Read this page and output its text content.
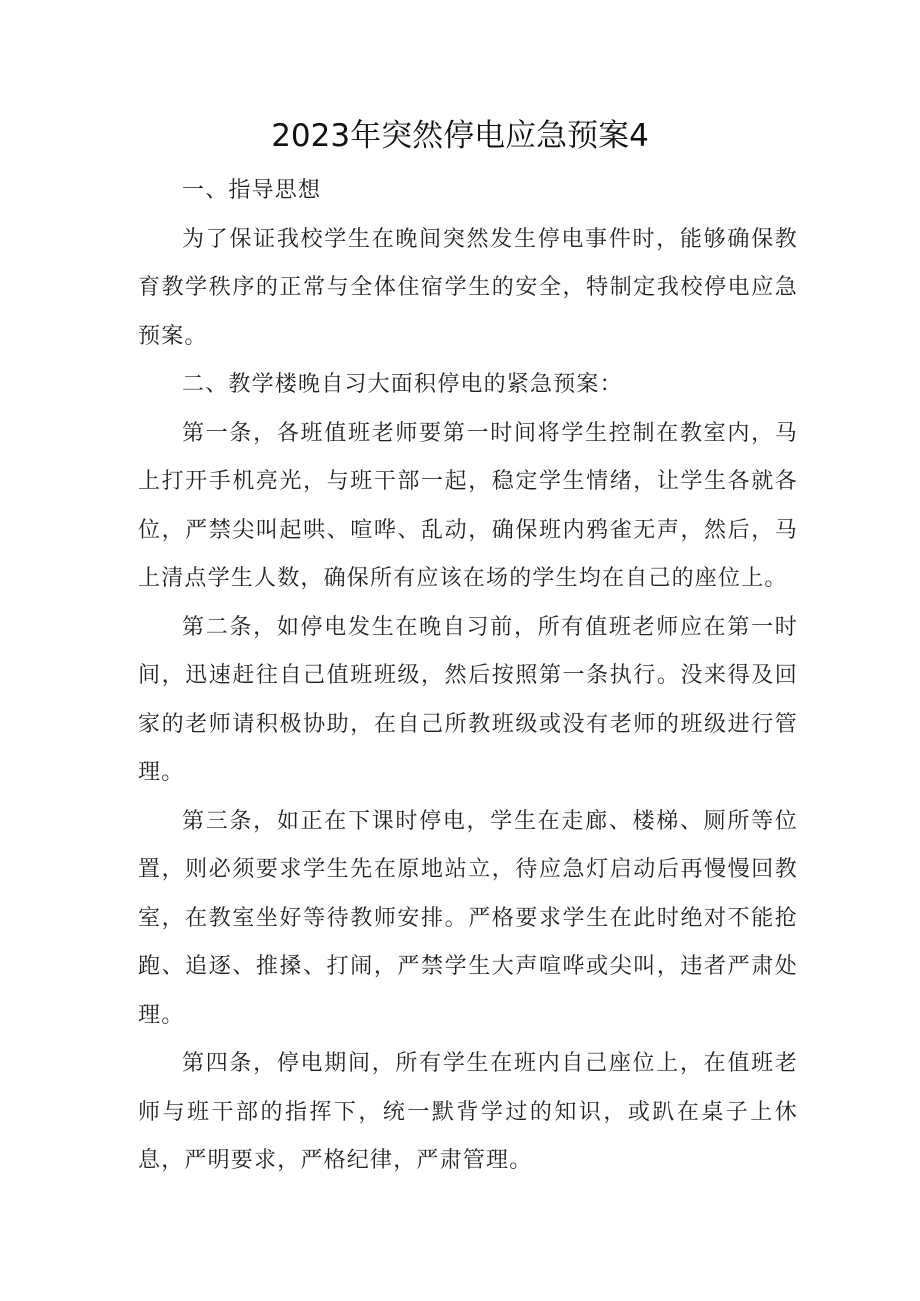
2023年突然停电应急预案4

一、指导思想

为了保证我校学生在晚间突然发生停电事件时，能够确保教育教学秩序的正常与全体住宿学生的安全，特制定我校停电应急预案。

二、教学楼晚自习大面积停电的紧急预案：

第一条，各班值班老师要第一时间将学生控制在教室内，马上打开手机亮光，与班干部一起，稳定学生情绪，让学生各就各位，严禁尖叫起哄、喧哗、乱动，确保班内鸦雀无声，然后，马上清点学生人数，确保所有应该在场的学生均在自己的座位上。

第二条，如停电发生在晚自习前，所有值班老师应在第一时间，迅速赶往自己值班班级，然后按照第一条执行。没来得及回家的老师请积极协助，在自己所教班级或没有老师的班级进行管理。

第三条，如正在下课时停电，学生在走廊、楼梯、厕所等位置，则必须要求学生先在原地站立，待应急灯启动后再慢慢回教室，在教室坐好等待教师安排。严格要求学生在此时绝对不能抢跑、追逐、推搡、打闹，严禁学生大声喧哗或尖叫，违者严肃处理。

第四条，停电期间，所有学生在班内自己座位上，在值班老师与班干部的指挥下，统一默背学过的知识，或趴在桌子上休息，严明要求，严格纪律，严肃管理。
